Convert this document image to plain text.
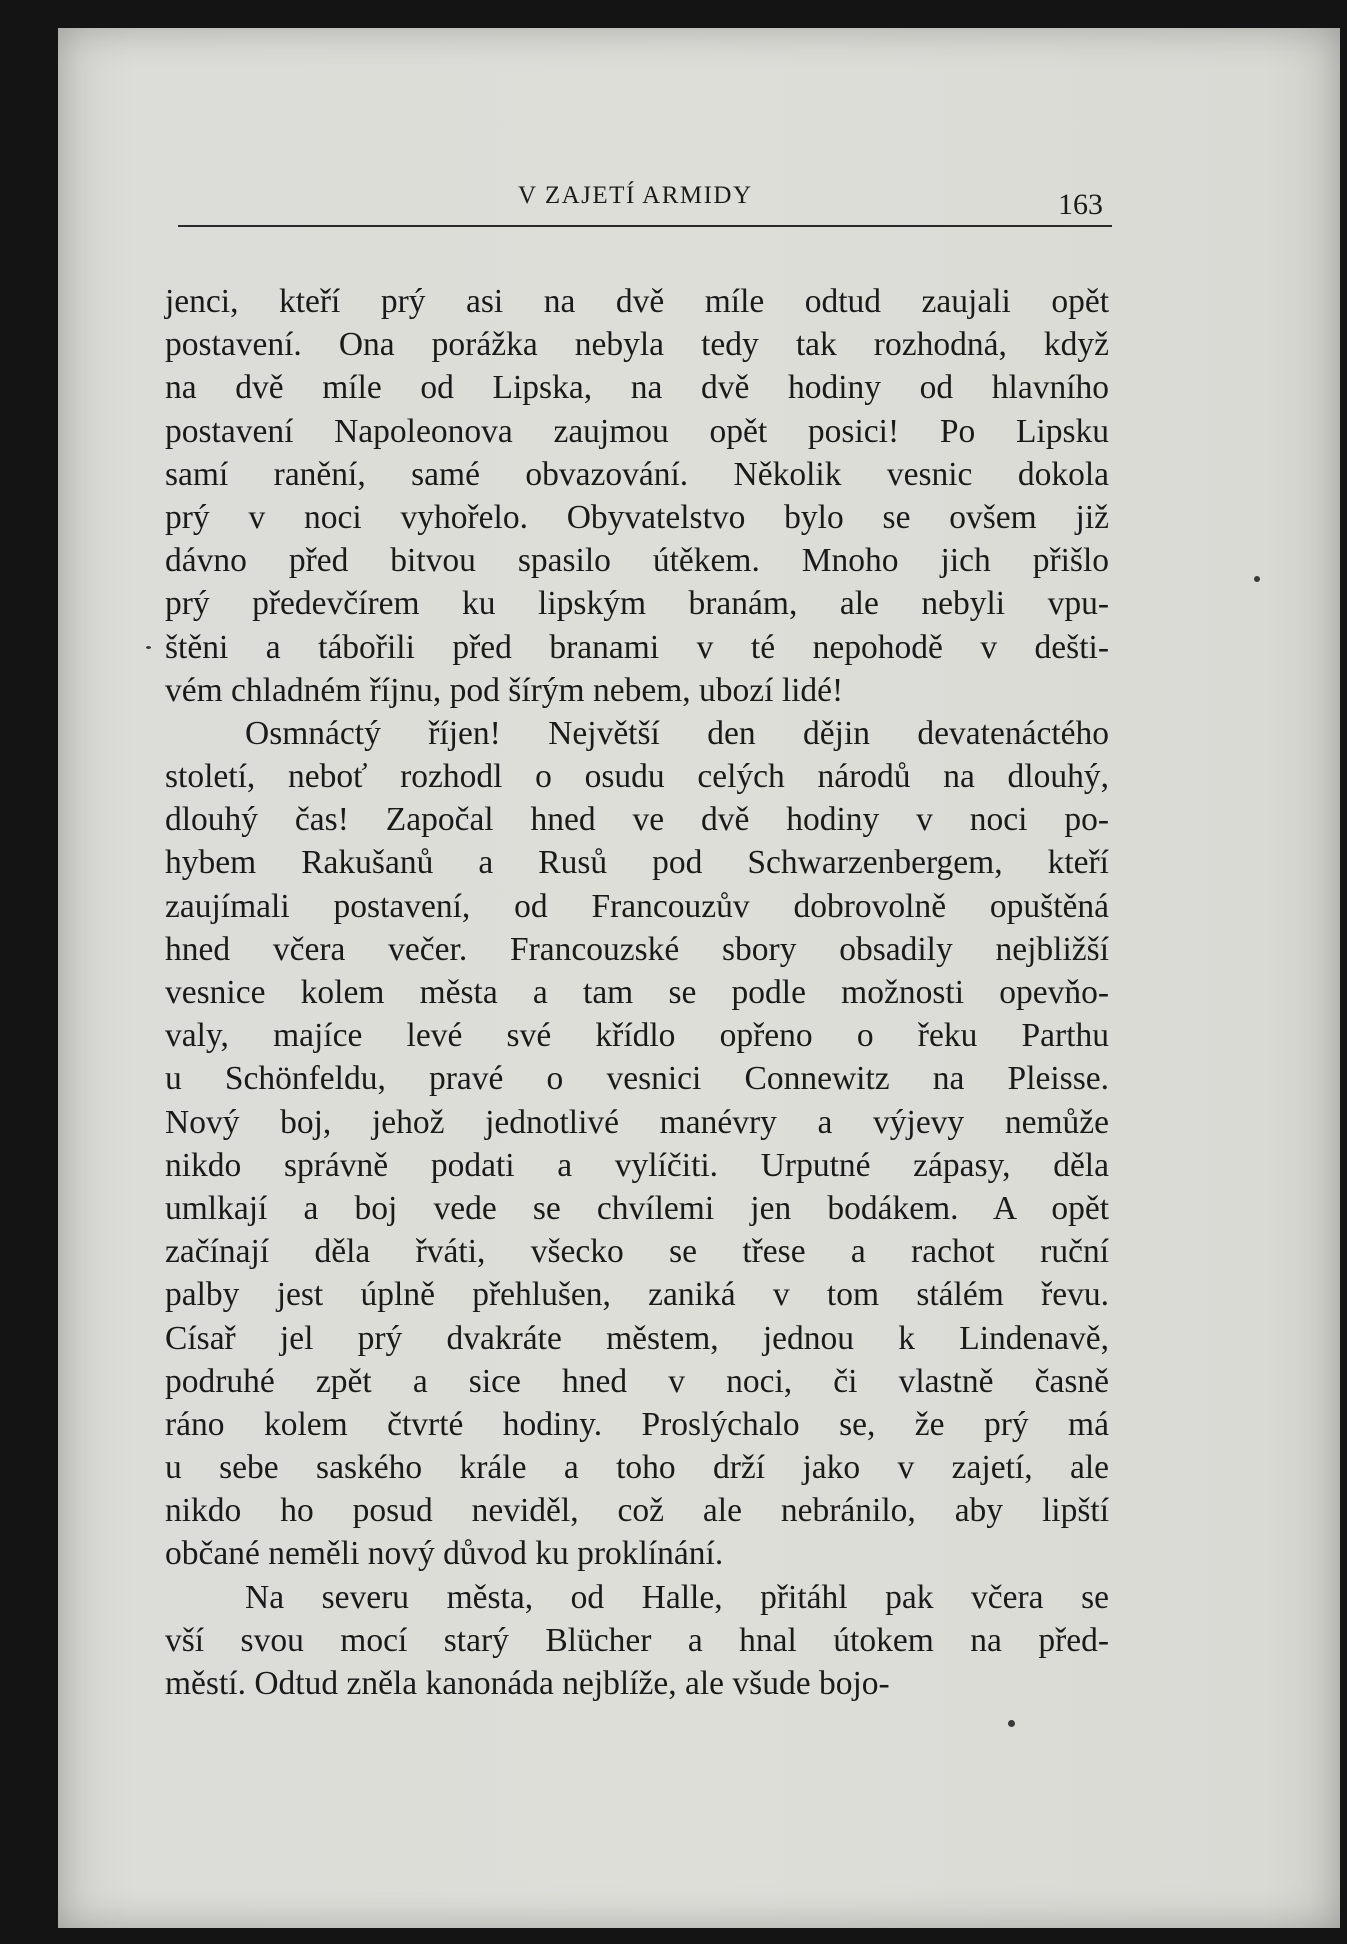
V ZAJETÍ ARMIDY	163
jenci, kteří prý asi na dvě míle odtud zaujali opět
postavení. Ona porážka nebyla tedy tak rozhodná, když
na dvě míle od Lipska, na dvě hodiny od hlavního
postavení Napoleonova zaujmou opět posici! Po Lipsku
samí ranění, samé obvazování. Několik vesnic dokola
prý v noci vyhořelo. Obyvatelstvo bylo se ovšem již
dávno před bitvou spasilo útěkem. Mnoho jich přišlo
prý předevčírem ku lipským branám, ale nebyli vpu-
štěni a tábořili před branami v té nepohodě v dešti-
vém chladném říjnu, pod šírým nebem, ubozí lidé!
Osmnáctý říjen! Největší den dějin devatenáctého
století, neboť rozhodl o osudu celých národů na dlouhý,
dlouhý čas! Započal hned ve dvě hodiny v noci po-
hybem Rakušanů a Rusů pod Schwarzenbergem, kteří
zaujímali postavení, od Francouzův dobrovolně opuštěná
hned včera večer. Francouzské sbory obsadily nejbližší
vesnice kolem města a tam se podle možnosti opevňo-
valy, majíce levé své křídlo opřeno o řeku Parthu
u Schönfeldu, pravé o vesnici Connewitz na Pleisse.
Nový boj, jehož jednotlivé manévry a výjevy nemůže
nikdo správně podati a vylíčiti. Urputné zápasy, děla
umlkají a boj vede se chvílemi jen bodákem. A opět
začínají děla řváti, všecko se třese a rachot ruční
palby jest úplně přehlušen, zaniká v tom stálém řevu.
Císař jel prý dvakráte městem, jednou k Lindenavě,
podruhé zpět a sice hned v noci, či vlastně časně
ráno kolem čtvrté hodiny. Proslýchalo se, že prý má
u sebe saského krále a toho drží jako v zajetí, ale
nikdo ho posud neviděl, což ale nebránilo, aby lipští
občané neměli nový důvod ku proklínání.
Na severu města, od Halle, přitáhl pak včera se
vší svou mocí starý Blücher a hnal útokem na před-
městí. Odtud zněla kanonáda nejblíže, ale všude bojo-
